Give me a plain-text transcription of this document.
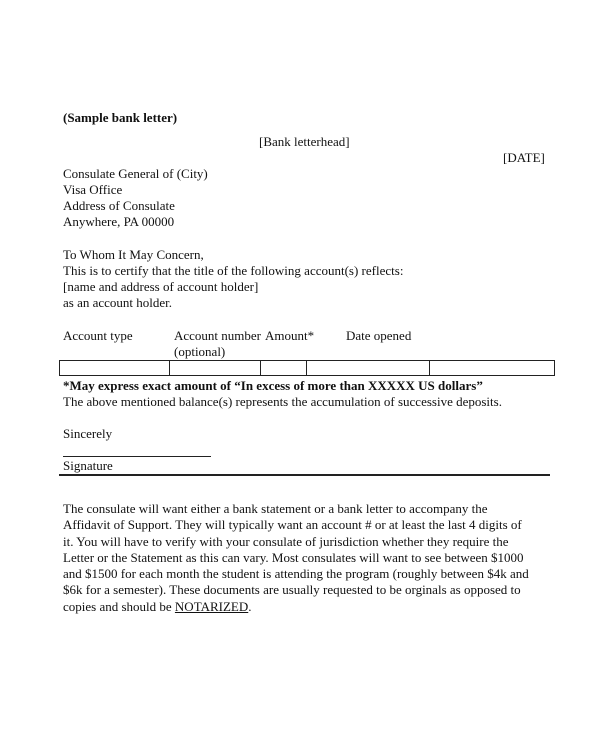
(Sample bank letter)
[Bank letterhead]
[DATE]
Consulate General of (City)
Visa Office
Address of Consulate
Anywhere, PA 00000
To Whom It May Concern,
This is to certify that the title of the following account(s) reflects:
[name and address of account holder]
as an account holder.
Account type	Account number Amount* Date opened
(optional)
*May express exact amount of “In excess of more than XXXXX US dollars”
The above mentioned balance(s) represents the accumulation of successive deposits.
Sincerely
Signature
The consulate will want either a bank statement or a bank letter to accompany the
Affidavit of Support. They will typically want an account # or at least the last 4 digits of
it. You will have to verify with your consulate of jurisdiction whether they require the
Letter or the Statement as this can vary. Most consulates will want to see between $1000
and $1500 for each month the student is attending the program (roughly between $4k and
$6k for a semester). These documents are usually requested to be orginals as opposed to
copies and should be NOTARIZED.
